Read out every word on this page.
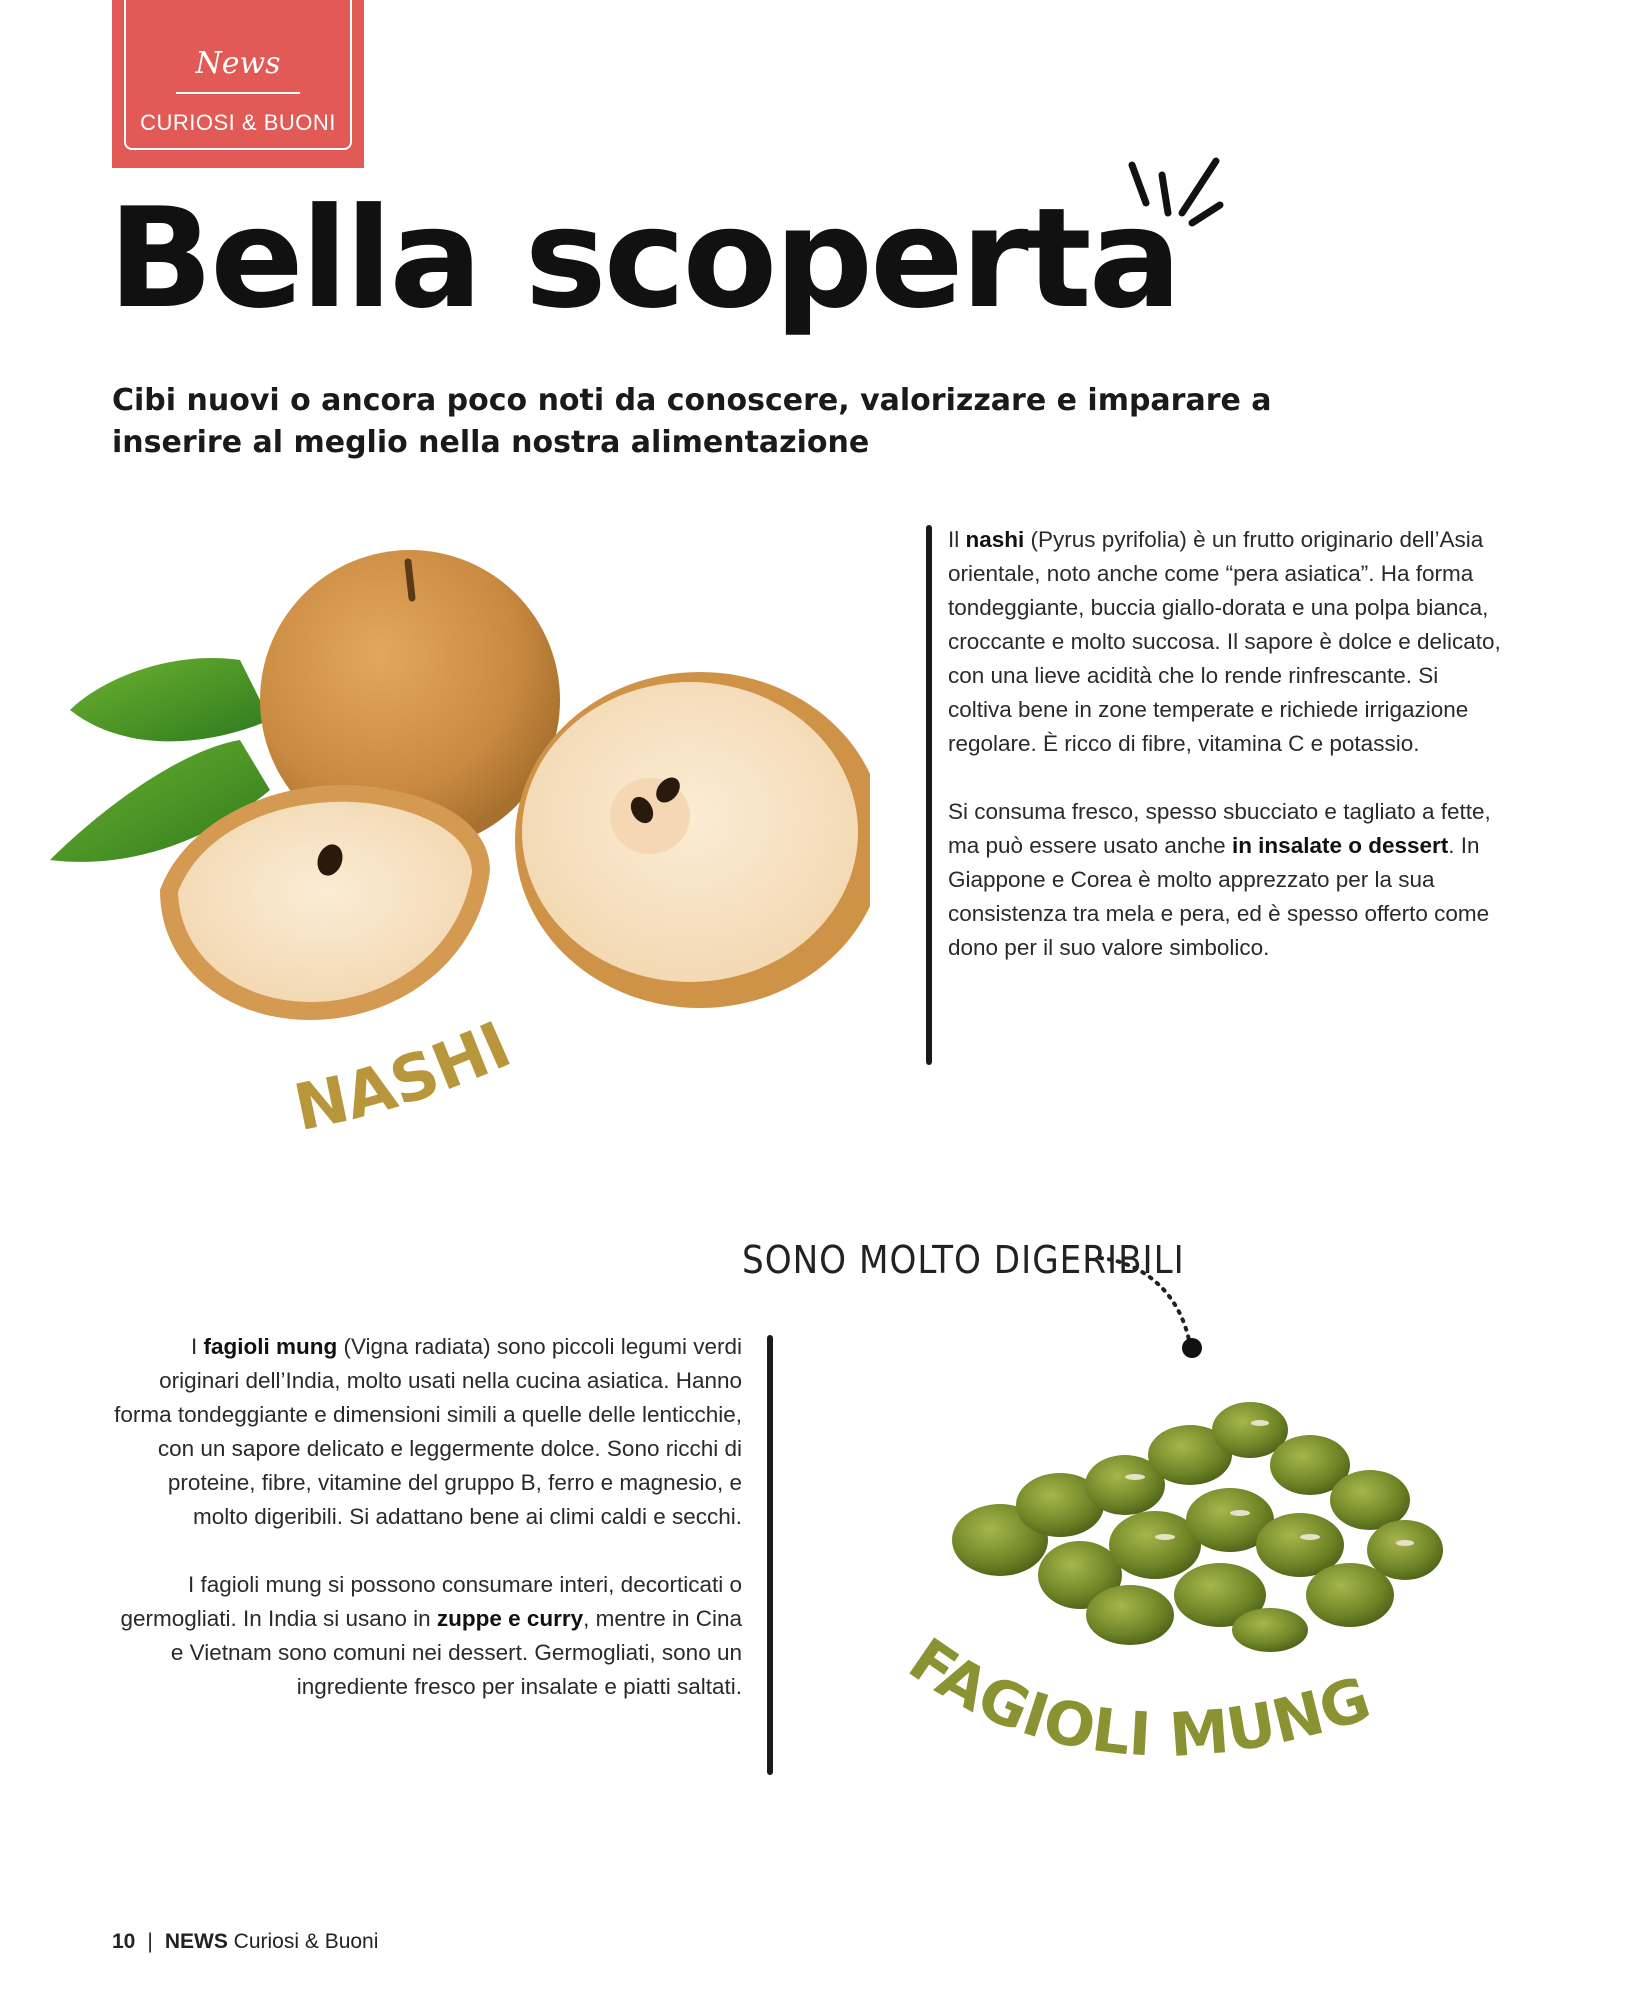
News
CURIOSI & BUONI
Bella scoperta

Cibi nuovi o ancora poco noti da conoscere, valorizzare e imparare a inserire al meglio nella nostra alimentazione

NASHI
FAGIOLI MUNG
SONO MOLTO DIGERIBILI

Il nashi (Pyrus pyrifolia) è un frutto originario dell’Asia orientale, noto anche come “pera asiatica”. Ha forma tondeggiante, buccia giallo-dorata e una polpa bianca, croccante e molto succosa. Il sapore è dolce e delicato, con una lieve acidità che lo rende rinfrescante. Si coltiva bene in zone temperate e richiede irrigazione regolare. È ricco di fibre, vitamina C e potassio.

Si consuma fresco, spesso sbucciato e tagliato a fette, ma può essere usato anche in insalate o dessert. In Giappone e Corea è molto apprezzato per la sua consistenza tra mela e pera, ed è spesso offerto come dono per il suo valore simbolico.

I fagioli mung (Vigna radiata) sono piccoli legumi verdi originari dell’India, molto usati nella cucina asiatica. Hanno forma tondeggiante e dimensioni simili a quelle delle lenticchie, con un sapore delicato e leggermente dolce. Sono ricchi di proteine, fibre, vitamine del gruppo B, ferro e magnesio, e molto digeribili. Si adattano bene ai climi caldi e secchi.

I fagioli mung si possono consumare interi, decorticati o germogliati. In India si usano in zuppe e curry, mentre in Cina e Vietnam sono comuni nei dessert. Germogliati, sono un ingrediente fresco per insalate e piatti saltati.

10 | NEWS Curiosi & Buoni
